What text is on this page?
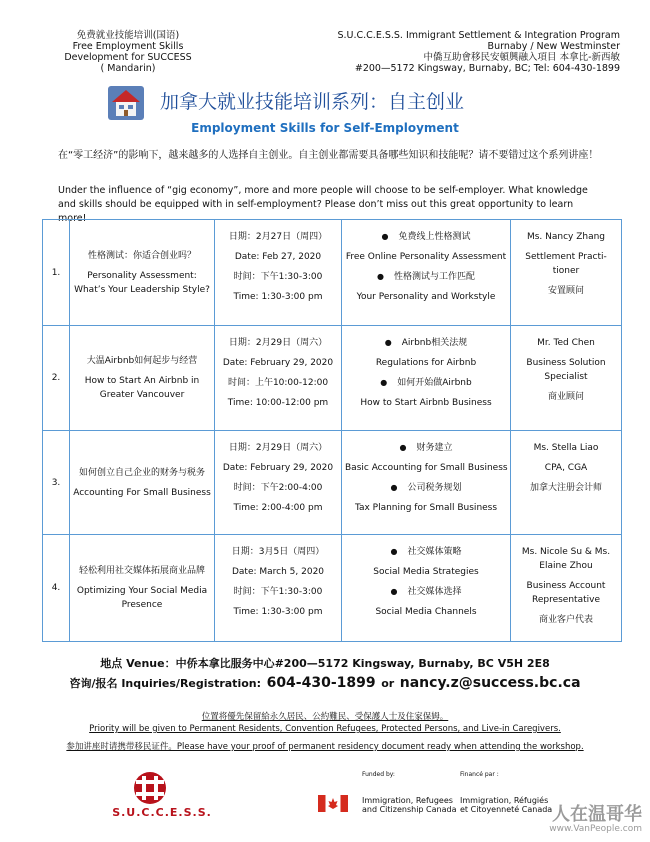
免费就业技能培训(国语)
Free Employment Skills
Development for SUCCESS
( Mandarin)
S.U.C.C.E.S.S. Immigrant Settlement & Integration Program
Burnaby / New Westminster
中僑互助會移民安頓興融入項目 本拿比-新西敏
#200—5172 Kingsway, Burnaby, BC; Tel: 604-430-1899
加拿大就业技能培训系列：自主创业
Employment Skills for Self-Employment
在“零工经济”的影响下，越来越多的人选择自主创业。自主创业都需要具备哪些知识和技能呢？请不要错过这个系列讲座！
Under the influence of “gig economy”, more and more people will choose to be self-employer. What knowledge and skills should be equipped with in self-employment? Please don’t miss out this great opportunity to learn more!
1.	性格测试：你适合创业吗？
Personality Assessment: What’s Your Leadership Style?	日期：2月27日（周四）
Date: Feb 27, 2020
时间：下午1:30-3:00
Time: 1:30-3:00 pm	● 免费线上性格测试
Free Online Personality Assessment
● 性格测试与工作匹配
Your Personality and Workstyle	Ms. Nancy Zhang
Settlement Practi-tioner
安置顾问

2.	大温Airbnb如何起步与经营
How to Start An Airbnb in Greater Vancouver	日期：2月29日（周六）
Date: February 29, 2020
时间：上午10:00-12:00
Time: 10:00-12:00 pm	● Airbnb相关法规
Regulations for Airbnb
● 如何开始做Airbnb
How to Start Airbnb Business	Mr. Ted Chen
Business Solution Specialist
商业顾问

3.	如何创立自己企业的财务与税务
Accounting For Small Business	日期：2月29日（周六）
Date: February 29, 2020
时间：下午2:00-4:00
Time: 2:00-4:00 pm	● 财务建立
Basic Accounting for Small Business
● 公司税务规划
Tax Planning for Small Business	Ms. Stella Liao
CPA, CGA
加拿大注册会计师

4.	轻松利用社交媒体拓展商业品牌
Optimizing Your Social Media Presence	日期：3月5日（周四）
Date: March 5, 2020
时间：下午1:30-3:00
Time: 1:30-3:00 pm	● 社交媒体策略
Social Media Strategies
● 社交媒体选择
Social Media Channels	Ms. Nicole Su & Ms. Elaine Zhou
Business Account Representative
商业客户代表
地点 Venue：中侨本拿比服务中心#200—5172 Kingsway, Burnaby, BC V5H 2E8
咨询/报名 Inquiries/Registration: 604-430-1899 or nancy.z@success.bc.ca
位置将優先保留給永久居民、公約難民、受保護人士及住家保姆。
Priority will be given to Permanent Residents, Convention Refugees, Protected Persons, and Live-in Caregivers.
参加讲座时请携带移民证件。Please have your proof of permanent residency document ready when attending the workshop.
S.U.C.C.E.S.S.
Funded by:	Financé par :
Immigration, Refugees
and Citizenship Canada
Immigration, Réfugiés
et Citoyenneté Canada 人在温哥华
www.VanPeople.com
